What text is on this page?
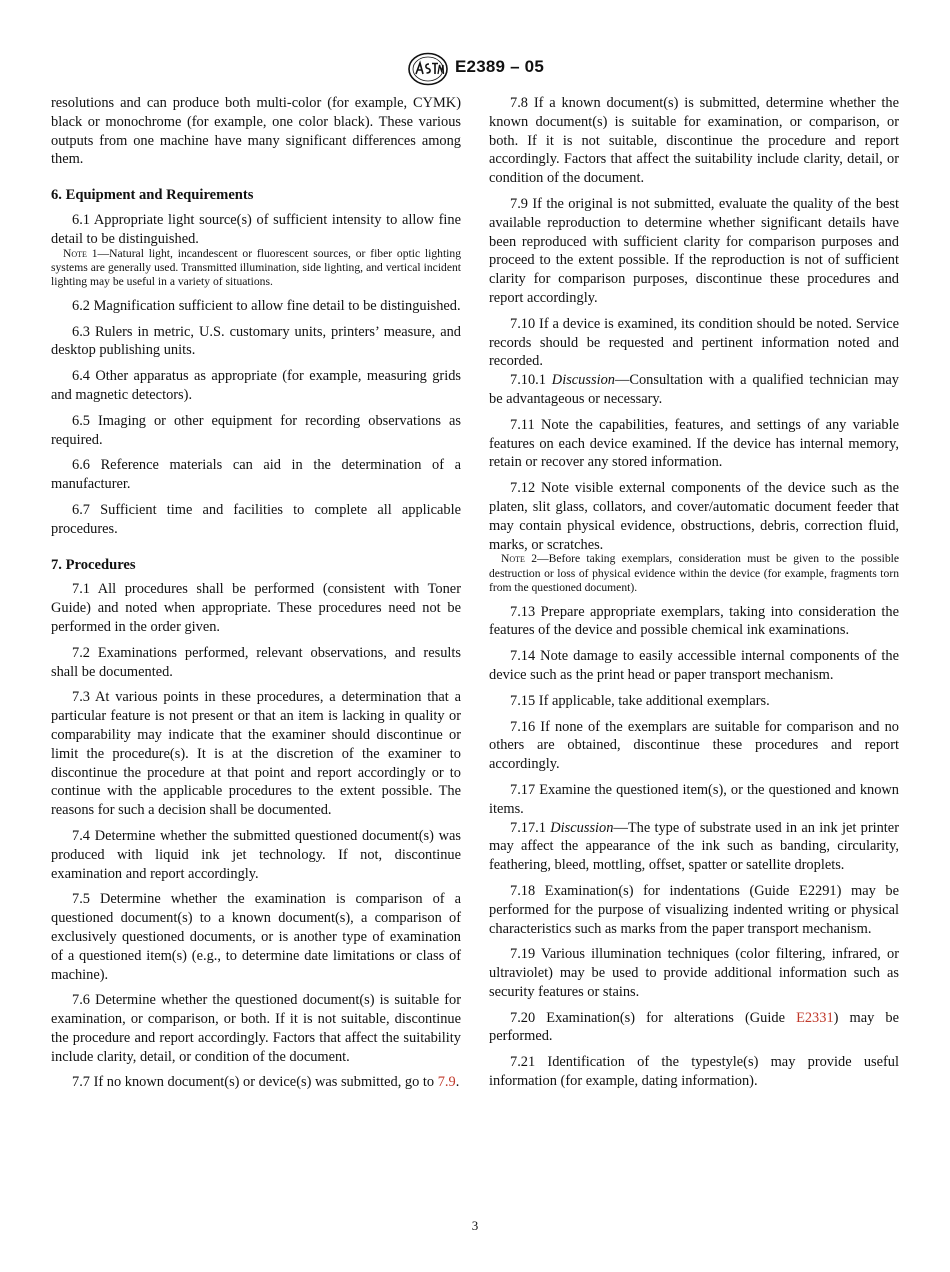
E2389 – 05

resolutions and can produce both multi-color (for example, CYMK) black or monochrome (for example, one color black). These various outputs from one machine have many significant differences among them.

6. Equipment and Requirements

6.1 Appropriate light source(s) of sufficient intensity to allow fine detail to be distinguished.

Note 1—Natural light, incandescent or fluorescent sources, or fiber optic lighting systems are generally used. Transmitted illumination, side lighting, and vertical incident lighting may be useful in a variety of situations.

6.2 Magnification sufficient to allow fine detail to be distinguished.

6.3 Rulers in metric, U.S. customary units, printers’ measure, and desktop publishing units.

6.4 Other apparatus as appropriate (for example, measuring grids and magnetic detectors).

6.5 Imaging or other equipment for recording observations as required.

6.6 Reference materials can aid in the determination of a manufacturer.

6.7 Sufficient time and facilities to complete all applicable procedures.

7. Procedures

7.1 All procedures shall be performed (consistent with Toner Guide) and noted when appropriate. These procedures need not be performed in the order given.

7.2 Examinations performed, relevant observations, and results shall be documented.

7.3 At various points in these procedures, a determination that a particular feature is not present or that an item is lacking in quality or comparability may indicate that the examiner should discontinue or limit the procedure(s). It is at the discretion of the examiner to discontinue the procedure at that point and report accordingly or to continue with the applicable procedures to the extent possible. The reasons for such a decision shall be documented.

7.4 Determine whether the submitted questioned document(s) was produced with liquid ink jet technology. If not, discontinue examination and report accordingly.

7.5 Determine whether the examination is comparison of a questioned document(s) to a known document(s), a comparison of exclusively questioned documents, or is another type of examination of a questioned item(s) (e.g., to determine date limitations or class of machine).

7.6 Determine whether the questioned document(s) is suitable for examination, or comparison, or both. If it is not suitable, discontinue the procedure and report accordingly. Factors that affect the suitability include clarity, detail, or condition of the document.

7.7 If no known document(s) or device(s) was submitted, go to 7.9.

7.8 If a known document(s) is submitted, determine whether the known document(s) is suitable for examination, or comparison, or both. If it is not suitable, discontinue the procedure and report accordingly. Factors that affect the suitability include clarity, detail, or condition of the document.

7.9 If the original is not submitted, evaluate the quality of the best available reproduction to determine whether significant details have been reproduced with sufficient clarity for comparison purposes and proceed to the extent possible. If the reproduction is not of sufficient clarity for comparison purposes, discontinue these procedures and report accordingly.

7.10 If a device is examined, its condition should be noted. Service records should be requested and pertinent information noted and recorded.

7.10.1 Discussion—Consultation with a qualified technician may be advantageous or necessary.

7.11 Note the capabilities, features, and settings of any variable features on each device examined. If the device has internal memory, retain or recover any stored information.

7.12 Note visible external components of the device such as the platen, slit glass, collators, and cover/automatic document feeder that may contain physical evidence, obstructions, debris, correction fluid, marks, or scratches.

Note 2—Before taking exemplars, consideration must be given to the possible destruction or loss of physical evidence within the device (for example, fragments torn from the questioned document).

7.13 Prepare appropriate exemplars, taking into consideration the features of the device and possible chemical ink examinations.

7.14 Note damage to easily accessible internal components of the device such as the print head or paper transport mechanism.

7.15 If applicable, take additional exemplars.

7.16 If none of the exemplars are suitable for comparison and no others are obtained, discontinue these procedures and report accordingly.

7.17 Examine the questioned item(s), or the questioned and known items.

7.17.1 Discussion—The type of substrate used in an ink jet printer may affect the appearance of the ink such as banding, circularity, feathering, bleed, mottling, offset, spatter or satellite droplets.

7.18 Examination(s) for indentations (Guide E2291) may be performed for the purpose of visualizing indented writing or physical characteristics such as marks from the paper transport mechanism.

7.19 Various illumination techniques (color filtering, infrared, or ultraviolet) may be used to provide additional information such as security features or stains.

7.20 Examination(s) for alterations (Guide E2331) may be performed.

7.21 Identification of the typestyle(s) may provide useful information (for example, dating information).

3
